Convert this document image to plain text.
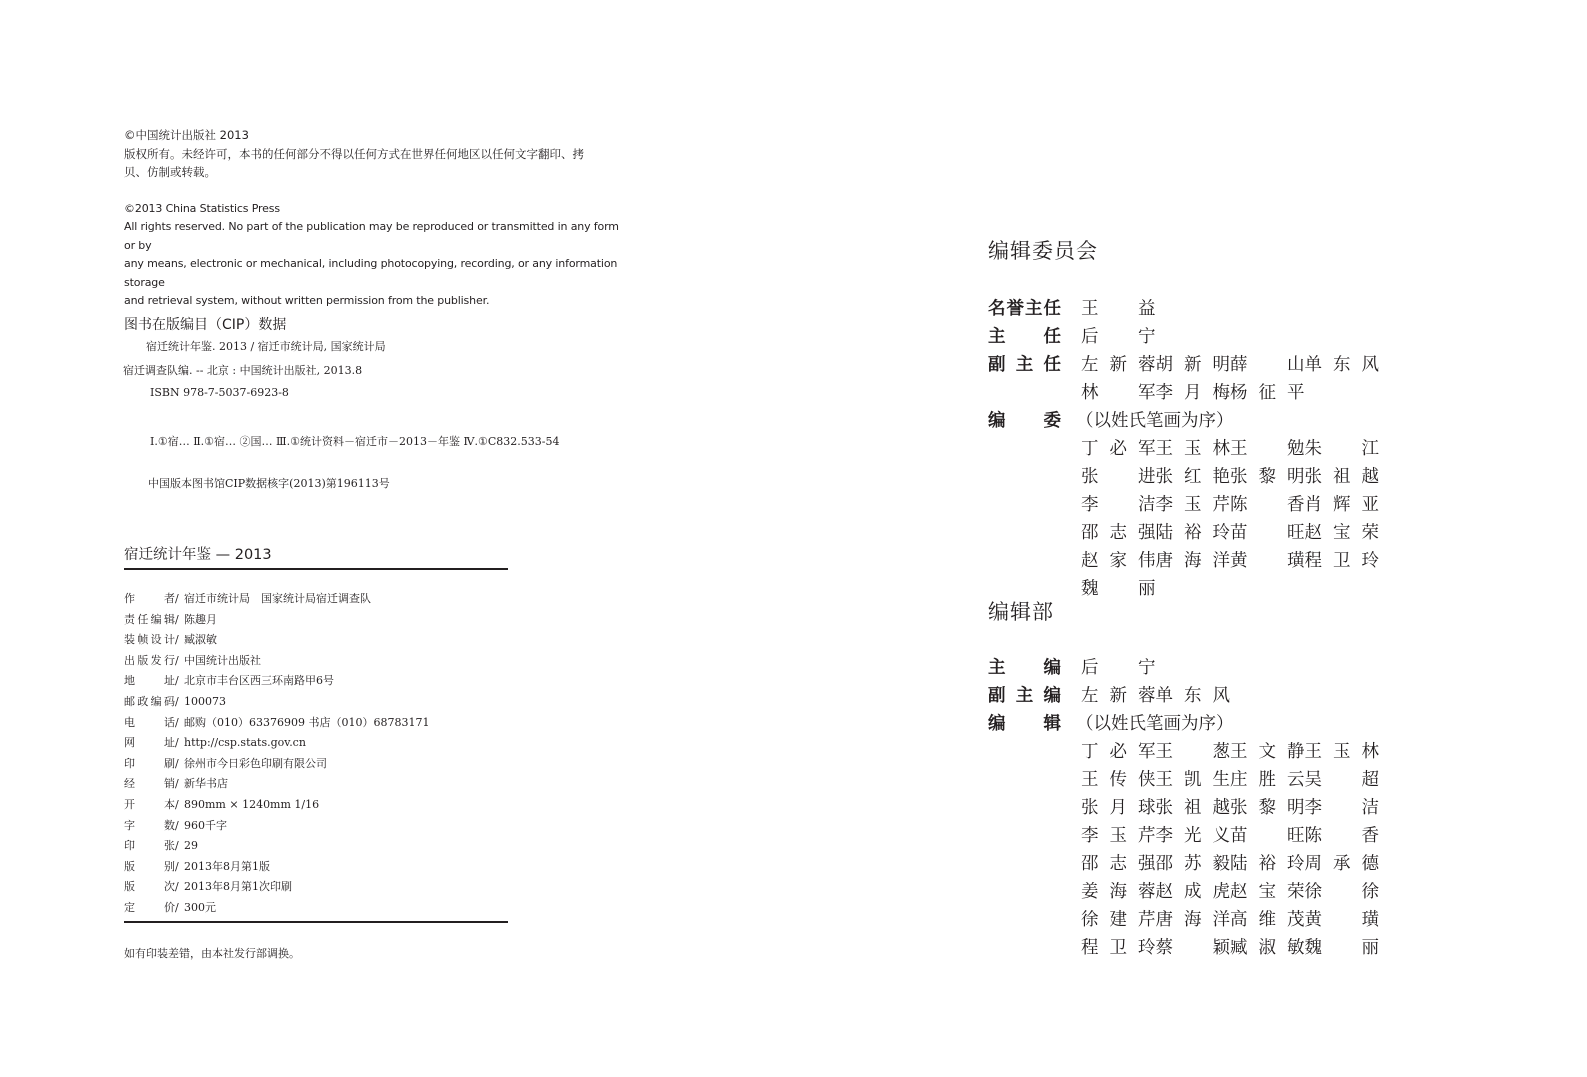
©中国统计出版社 2013
版权所有。未经许可，本书的任何部分不得以任何方式在世界任何地区以任何文字翻印、拷
贝、仿制或转载。
©2013 China Statistics Press
All rights reserved. No part of the publication may be reproduced or transmitted in any form or by
any means, electronic or mechanical, including photocopying, recording, or any information storage
and retrieval system, without written permission from the publisher.
图书在版编目（CIP）数据
宿迁统计年鉴. 2013 / 宿迁市统计局, 国家统计局
宿迁调查队编. -- 北京 : 中国统计出版社, 2013.8
ISBN 978-7-5037-6923-8
Ⅰ.①宿… Ⅱ.①宿… ②国… Ⅲ.①统计资料－宿迁市－2013－年鉴 Ⅳ.①C832.533-54
中国版本图书馆CIP数据核字(2013)第196113号
宿迁统计年鉴 — 2013
作者 / 宿迁市统计局　国家统计局宿迁调查队
责任编辑 / 陈趣月
装帧设计 / 臧淑敏
出版发行 / 中国统计出版社
地址 / 北京市丰台区西三环南路甲6号
邮政编码 / 100073
电话 / 邮购（010）63376909 书店（010）68783171
网址 / http://csp.stats.gov.cn
印刷 / 徐州市今日彩色印刷有限公司
经销 / 新华书店
开本 / 890mm × 1240mm 1/16
字数 / 960千字
印张 / 29
版别 / 2013年8月第1版
版次 / 2013年8月第1次印刷
定价 / 300元
如有印装差错，由本社发行部调换。
编辑委员会
名誉主任 王 益
主任 后 宁
副主任 左新蓉 胡新明 薛 山 单东风
林 军 李月梅 杨征平
编委 （以姓氏笔画为序）
丁必军 王玉林 王 勉 朱 江
张 进 张红艳 张黎明 张祖越
李 洁 李玉芹 陈 香 肖辉亚
邵志强 陆裕玲 苗 旺 赵宝荣
赵家伟 唐海洋 黄 璜 程卫玲
魏 丽
编辑部
主编 后 宁
副主编 左新蓉 单东风
编辑 （以姓氏笔画为序）
丁必军 王 葱 王文静 王玉林
王传侠 王凯生 庄胜云 吴 超
张月球 张祖越 张黎明 李 洁
李玉芹 李光义 苗 旺 陈 香
邵志强 邵苏毅 陆裕玲 周承德
姜海蓉 赵成虎 赵宝荣 徐 徐
徐建芹 唐海洋 高维茂 黄 璜
程卫玲 蔡 颖 臧淑敏 魏 丽
